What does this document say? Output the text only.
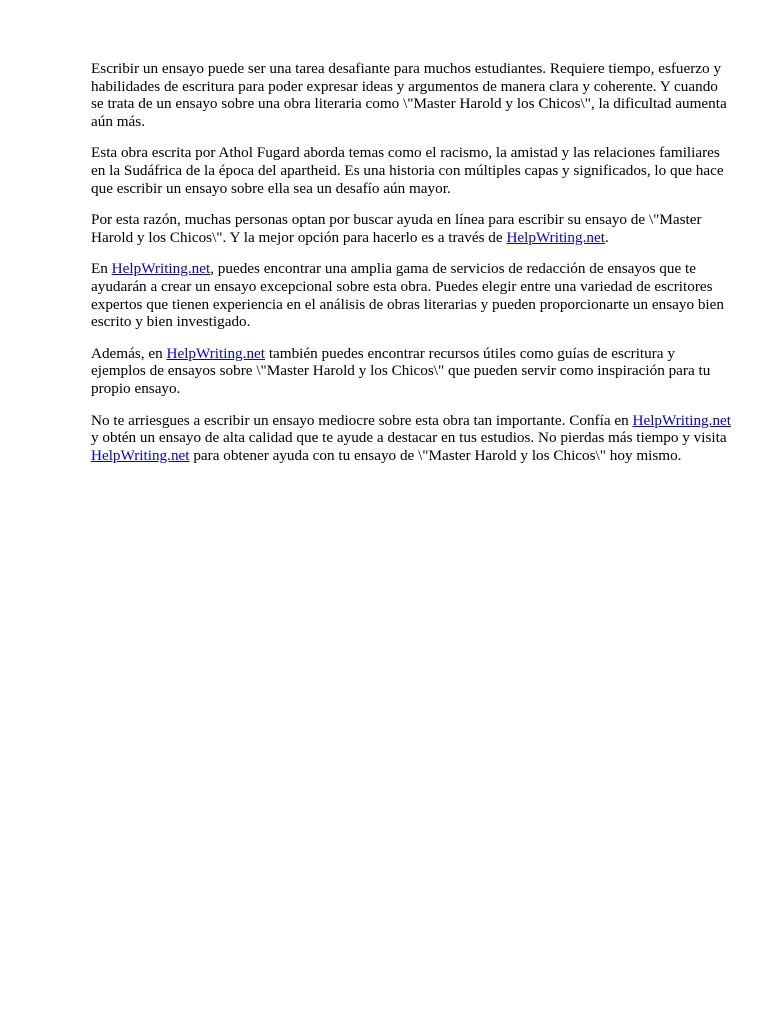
Escribir un ensayo puede ser una tarea desafiante para muchos estudiantes. Requiere tiempo, esfuerzo y habilidades de escritura para poder expresar ideas y argumentos de manera clara y coherente. Y cuando se trata de un ensayo sobre una obra literaria como \"Master Harold y los Chicos\", la dificultad aumenta aún más.

Esta obra escrita por Athol Fugard aborda temas como el racismo, la amistad y las relaciones familiares en la Sudáfrica de la época del apartheid. Es una historia con múltiples capas y significados, lo que hace que escribir un ensayo sobre ella sea un desafío aún mayor.

Por esta razón, muchas personas optan por buscar ayuda en línea para escribir su ensayo de \"Master Harold y los Chicos\". Y la mejor opción para hacerlo es a través de HelpWriting.net.

En HelpWriting.net, puedes encontrar una amplia gama de servicios de redacción de ensayos que te ayudarán a crear un ensayo excepcional sobre esta obra. Puedes elegir entre una variedad de escritores expertos que tienen experiencia en el análisis de obras literarias y pueden proporcionarte un ensayo bien escrito y bien investigado.

Además, en HelpWriting.net también puedes encontrar recursos útiles como guías de escritura y ejemplos de ensayos sobre \"Master Harold y los Chicos\" que pueden servir como inspiración para tu propio ensayo.

No te arriesgues a escribir un ensayo mediocre sobre esta obra tan importante. Confía en HelpWriting.net y obtén un ensayo de alta calidad que te ayude a destacar en tus estudios. No pierdas más tiempo y visita HelpWriting.net para obtener ayuda con tu ensayo de \"Master Harold y los Chicos\" hoy mismo.
